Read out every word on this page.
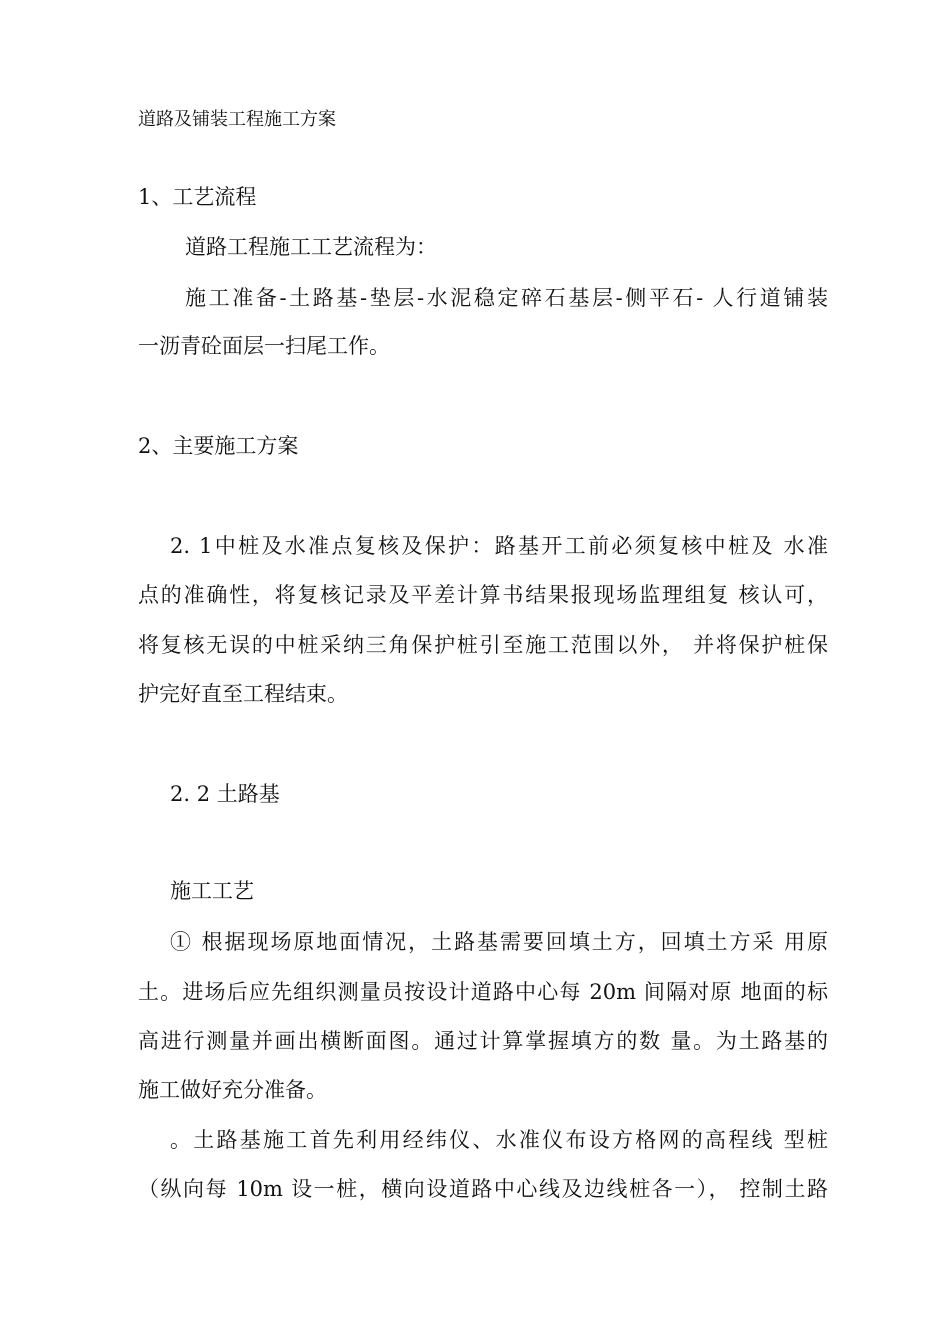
道路及铺装工程施工方案
1、工艺流程
道路工程施工工艺流程为：
施工准备-土路基-垫层-水泥稳定碎石基层-侧平石- 人行道铺装
一沥青砼面层一扫尾工作。
2、主要施工方案
2. 1中桩及水准点复核及保护：路基开工前必须复核中桩及 水准
点的准确性，将复核记录及平差计算书结果报现场监理组复 核认可，
将复核无误的中桩采纳三角保护桩引至施工范围以外， 并将保护桩保
护完好直至工程结束。
2. 2 土路基
施工工艺
① 根据现场原地面情况，土路基需要回填土方，回填土方采 用原
土。进场后应先组织测量员按设计道路中心每 20m 间隔对原 地面的标
高进行测量并画出横断面图。通过计算掌握填方的数 量。为土路基的
施工做好充分准备。
。土路基施工首先利用经纬仪、水准仪布设方格网的高程线 型桩
（纵向每 10m 设一桩，横向设道路中心线及边线桩各一）， 控制土路
